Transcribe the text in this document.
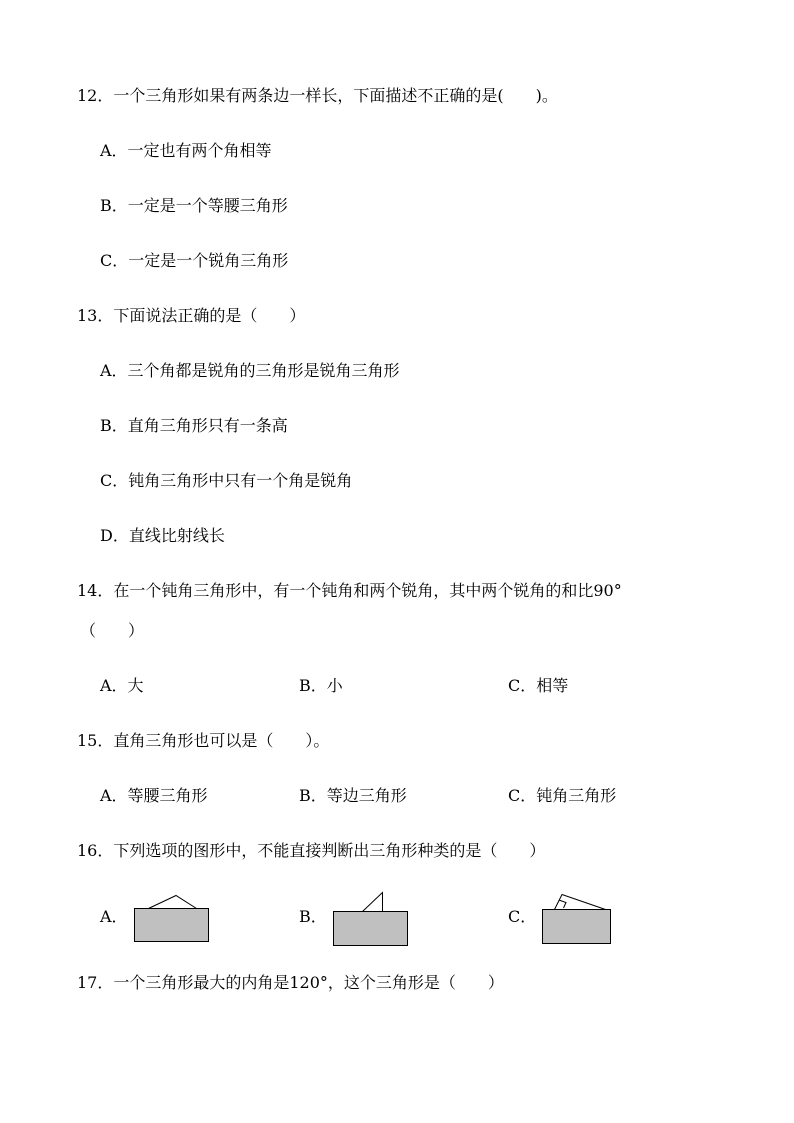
12．一个三角形如果有两条边一样长，下面描述不正确的是(　　)。
A．一定也有两个角相等
B．一定是一个等腰三角形
C．一定是一个锐角三角形
13．下面说法正确的是（　　）
A．三个角都是锐角的三角形是锐角三角形
B．直角三角形只有一条高
C．钝角三角形中只有一个角是锐角
D．直线比射线长
14．在一个钝角三角形中，有一个钝角和两个锐角，其中两个锐角的和比90°
（　　）
A．大	B．小	C．相等
15．直角三角形也可以是（　　）。
A．等腰三角形	B．等边三角形	C．钝角三角形
16．下列选项的图形中，不能直接判断出三角形种类的是（　　）
A．	B．	C．
17．一个三角形最大的内角是120°，这个三角形是（　　）
